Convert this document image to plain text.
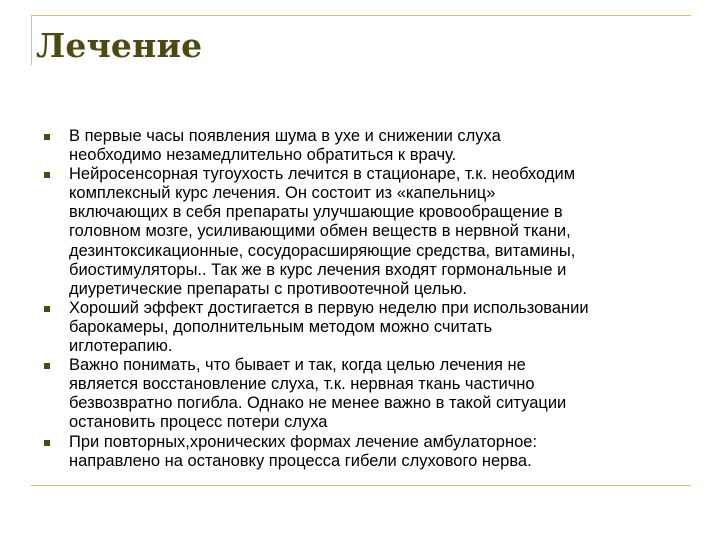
Лечение
В первые часы появления шума в ухе и снижении слуха
необходимо незамедлительно обратиться к врачу.
Нейросенсорная тугоухость лечится в стационаре, т.к. необходим
комплексный курс лечения. Он состоит из «капельниц»
включающих в себя препараты улучшающие кровообращение в
головном мозге, усиливающими обмен веществ в нервной ткани,
дезинтоксикационные, сосудорасширяющие средства, витамины,
биостимуляторы.. Так же в курс лечения входят гормональные и
диуретические препараты с противоотечной целью.
Хороший эффект достигается в первую неделю при использовании
барокамеры, дополнительным методом можно считать
иглотерапию.
Важно понимать, что бывает и так, когда целью лечения не
является восстановление слуха, т.к. нервная ткань частично
безвозвратно погибла. Однако не менее важно в такой ситуации
остановить процесс потери слуха
При повторных,хронических формах лечение амбулаторное:
направлено на остановку процесса гибели слухового нерва.
